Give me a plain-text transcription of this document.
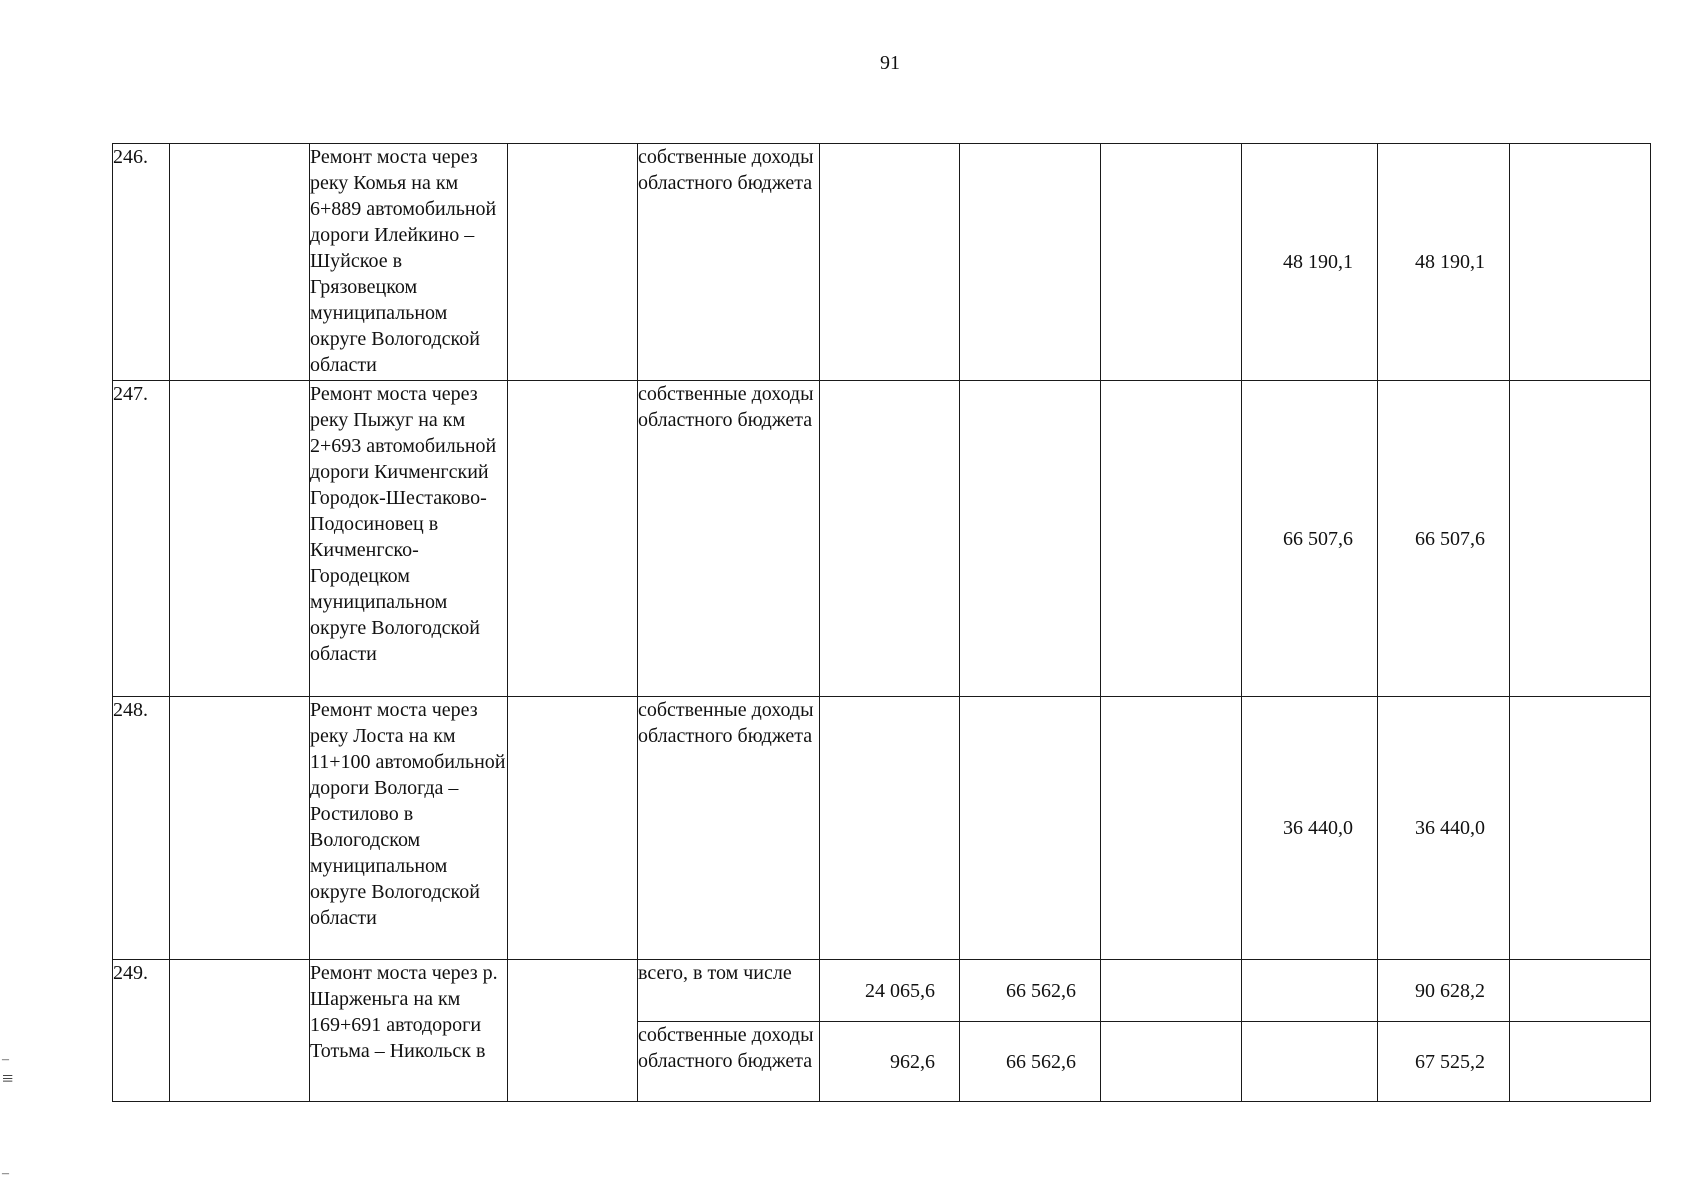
91
246.		Ремонт моста через реку Комья на км 6+889 автомобильной дороги Илейкино – Шуйское в Грязовецком муниципальном округе Вологодской области		собственные доходы областного бюджета				48 190,1	48 190,1	
247.		Ремонт моста через реку Пыжуг на км 2+693 автомобильной дороги Кичменгский Городок-Шестаково-Подосиновец в Кичменгско-Городецком муниципальном округе Вологодской области		собственные доходы областного бюджета				66 507,6	66 507,6	
248.		Ремонт моста через реку Лоста на км 11+100 автомобильной дороги Вологда – Ростилово в Вологодском муниципальном округе Вологодской области		собственные доходы областного бюджета				36 440,0	36 440,0	
249.		Ремонт моста через р. Шарженьга на км 169+691 автодороги Тотьма – Никольск в		всего, в том числе	24 065,6	66 562,6			90 628,2	
				собственные доходы областного бюджета	962,6	66 562,6			67 525,2	
–
≡
–
